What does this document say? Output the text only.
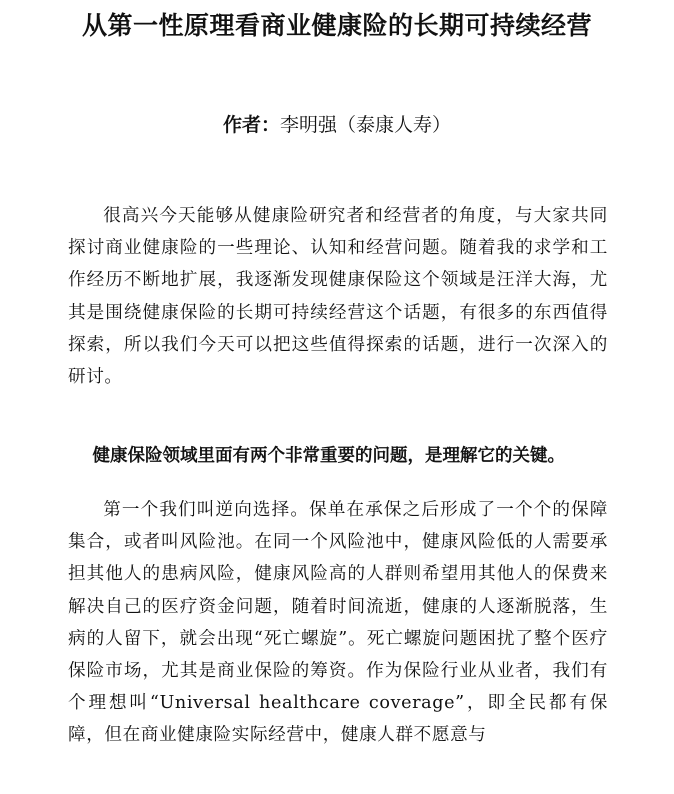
从第一性原理看商业健康险的长期可持续经营
作者：李明强（泰康人寿）

很高兴今天能够从健康险研究者和经营者的角度，与大家共同探讨商业健康险的一些理论、认知和经营问题。随着我的求学和工作经历不断地扩展，我逐渐发现健康保险这个领域是汪洋大海，尤其是围绕健康保险的长期可持续经营这个话题，有很多的东西值得探索，所以我们今天可以把这些值得探索的话题，进行一次深入的研讨。

健康保险领域里面有两个非常重要的问题，是理解它的关键。

第一个我们叫逆向选择。保单在承保之后形成了一个个的保障集合，或者叫风险池。在同一个风险池中，健康风险低的人需要承担其他人的患病风险，健康风险高的人群则希望用其他人的保费来解决自己的医疗资金问题，随着时间流逝，健康的人逐渐脱落，生病的人留下，就会出现“死亡螺旋”。死亡螺旋问题困扰了整个医疗保险市场，尤其是商业保险的筹资。作为保险行业从业者，我们有个理想叫“Universal healthcare coverage”，即全民都有保障，但在商业健康险实际经营中，健康人群不愿意与
